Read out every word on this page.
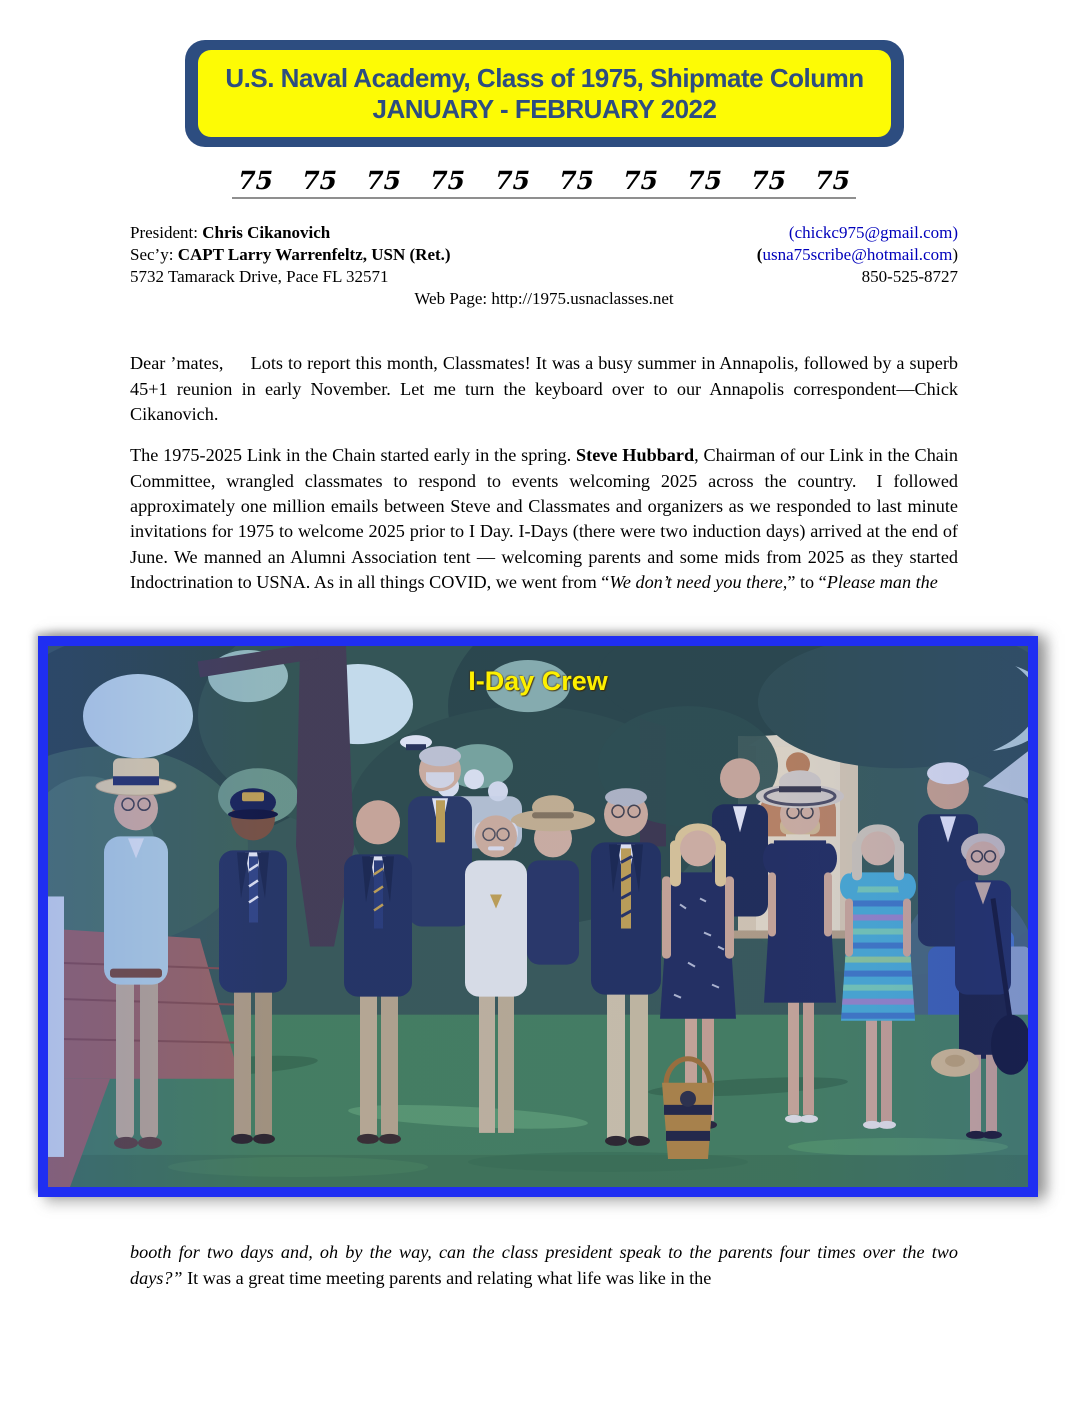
U.S. Naval Academy, Class of 1975, Shipmate Column
JANUARY - FEBRUARY 2022
75 75 75 75 75 75 75 75 75 75
President: Chris Cikanovich	(chickc975@gmail.com)
Sec’y: CAPT Larry Warrenfeltz, USN (Ret.)	(usna75scribe@hotmail.com)
5732 Tamarack Drive, Pace FL 32571	850-525-8727
Web Page: http://1975.usnaclasses.net

Dear ’mates,  Lots to report this month, Classmates! It was a busy summer in Annapolis, followed by a superb 45+1 reunion in early November. Let me turn the keyboard over to our Annapolis correspondent—Chick Cikanovich.

The 1975-2025 Link in the Chain started early in the spring. Steve Hubbard, Chairman of our Link in the Chain Committee, wrangled classmates to respond to events welcoming 2025 across the country.  I followed approximately one million emails between Steve and Classmates and organizers as we responded to last minute invitations for 1975 to welcome 2025 prior to I Day. I-Days (there were two induction days) arrived at the end of June. We manned an Alumni Association tent — welcoming parents and some mids from 2025 as they started Indoctrination to USNA. As in all things COVID, we went from “We don’t need you there,” to “Please man the

I-Day Crew

booth for two days and, oh by the way, can the class president speak to the parents four times over the two days?” It was a great time meeting parents and relating what life was like in the
